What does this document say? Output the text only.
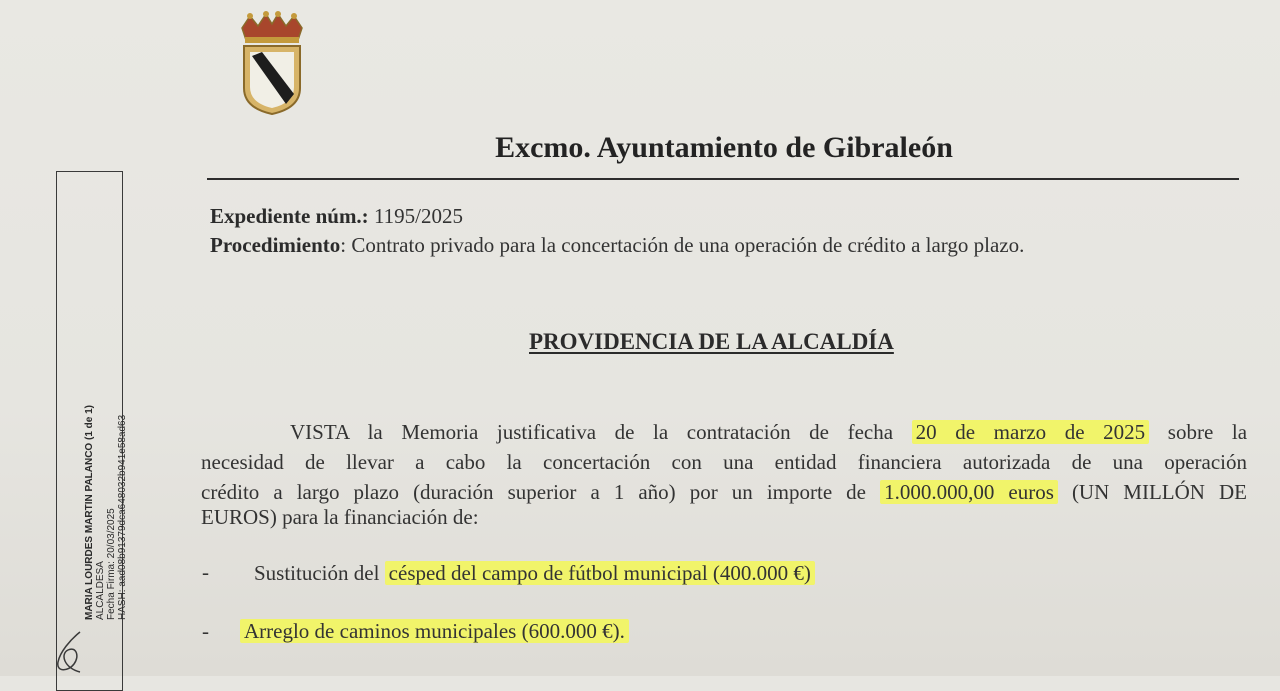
Excmo. Ayuntamiento de Gibraleón
Expediente núm.: 1195/2025
Procedimiento: Contrato privado para la concertación de una operación de crédito a largo plazo.
PROVIDENCIA DE LA ALCALDÍA
VISTA la Memoria justificativa de la contratación de fecha 20 de marzo de 2025 sobre la
necesidad de llevar a cabo la concertación con una entidad financiera autorizada de una operación
crédito a largo plazo (duración superior a 1 año) por un importe de 1.000.000,00 euros (UN MILLÓN DE
EUROS) para la financiación de:
- Sustitución del césped del campo de fútbol municipal (400.000 €)
- Arreglo de caminos municipales (600.000 €).
MARIA LOURDES MARTIN PALANCO (1 de 1) ALCALDESA Fecha Firma: 20/03/2025 HASH: aad08b91379dca648032b941e58ad63
